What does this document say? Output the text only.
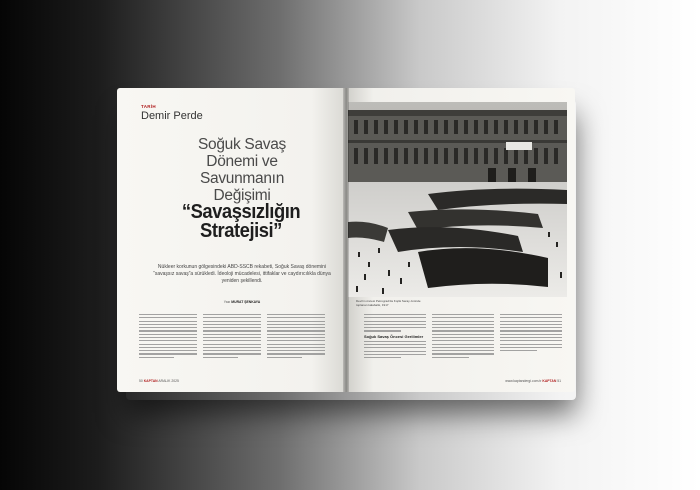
TARİH
Demir Perde
Soğuk Savaş
Dönemi ve
Savunmanın
Değişimi
“Savaşsızlığın
Stratejisi”
Nükleer korkunun gölgesindeki ABD-SSCB rekabeti, Soğuk Savaş dönemini “savaşsız savaş”a sürükledi. İdeoloji mücadelesi, ittifaklar ve caydırıcılıkla dünya yeniden şekillendi.
Yazı MURAT ŞENKAYA
50 KAPTAN ARALIK 2025
Devrim öncesi Petrograd'da Kışlık Saray önünde toplanan kalabalık, 1917
Soğuk Savaş Öncesi Gerilimler
www.kaptandergi.com.tr KAPTAN 51
